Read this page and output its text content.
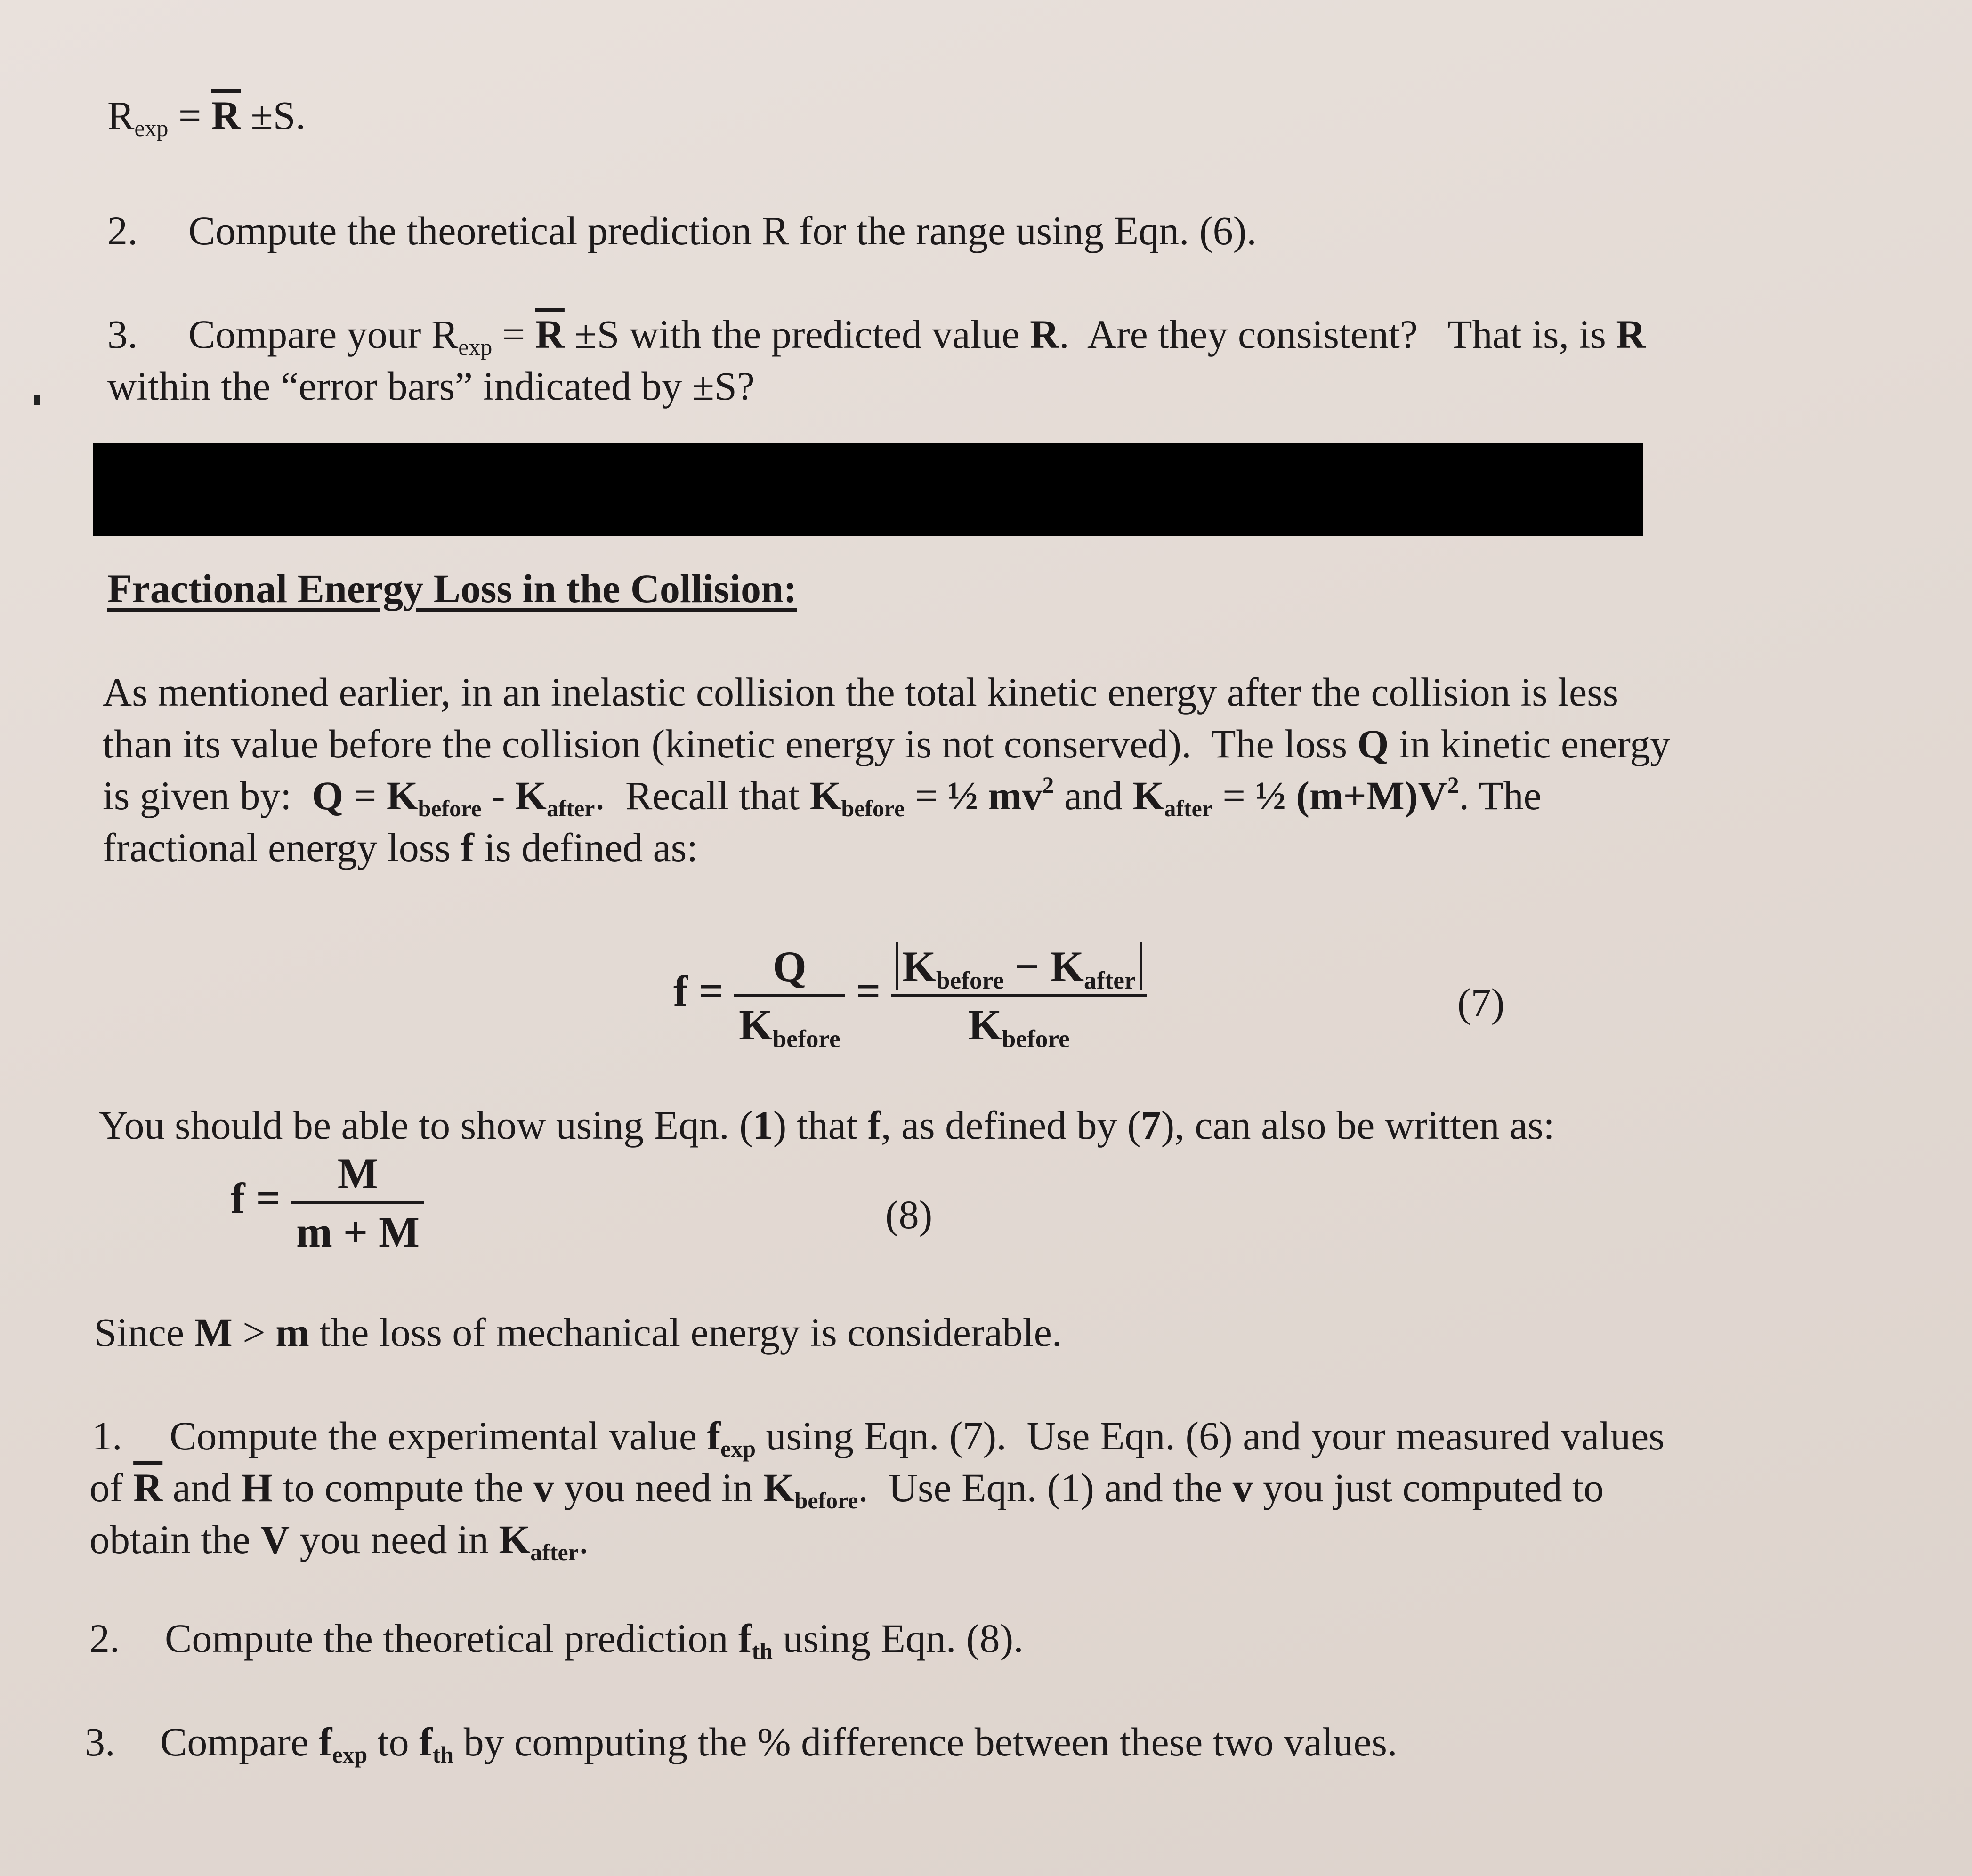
$R_{exp} = \overline{R} \pm S$.
2. Compute the theoretical prediction R for the range using Eqn. (6).
3. Compare your $R_{exp} = \overline{R} \pm S$ with the predicted value R.  Are they consistent?   That is, is R
within the “error bars” indicated by ±S?
Fractional Energy Loss in the Collision:
As mentioned earlier, in an inelastic collision the total kinetic energy after the collision is less
than its value before the collision (kinetic energy is not conserved).  The loss Q in kinetic energy
is given by:  $Q = K_{before} - K_{after}$.  Recall that $K_{before}$ = ½ $mv^2$ and $K_{after}$ = ½ $(m+M)V^2$. The
fractional energy loss f is defined as:
$f = \frac{Q}{K_{before}} = \frac{K_{before} - K_{after}}{K_{before}}$	(7)
You should be able to show using Eqn. (1) that f, as defined by (7), can also be written as:
$f = \frac{M}{m + M}$	(8)
Since M > m the loss of mechanical energy is considerable.
1. Compute the experimental value $f_{exp}$ using Eqn. (7).  Use Eqn. (6) and your measured values
of $\overline{R}$ and H to compute the v you need in $K_{before}$.  Use Eqn. (1) and the v you just computed to
obtain the V you need in $K_{after}$.
2. Compute the theoretical prediction $f_{th}$ using Eqn. (8).
3. Compare $f_{exp}$ to $f_{th}$ by computing the % difference between these two values.
